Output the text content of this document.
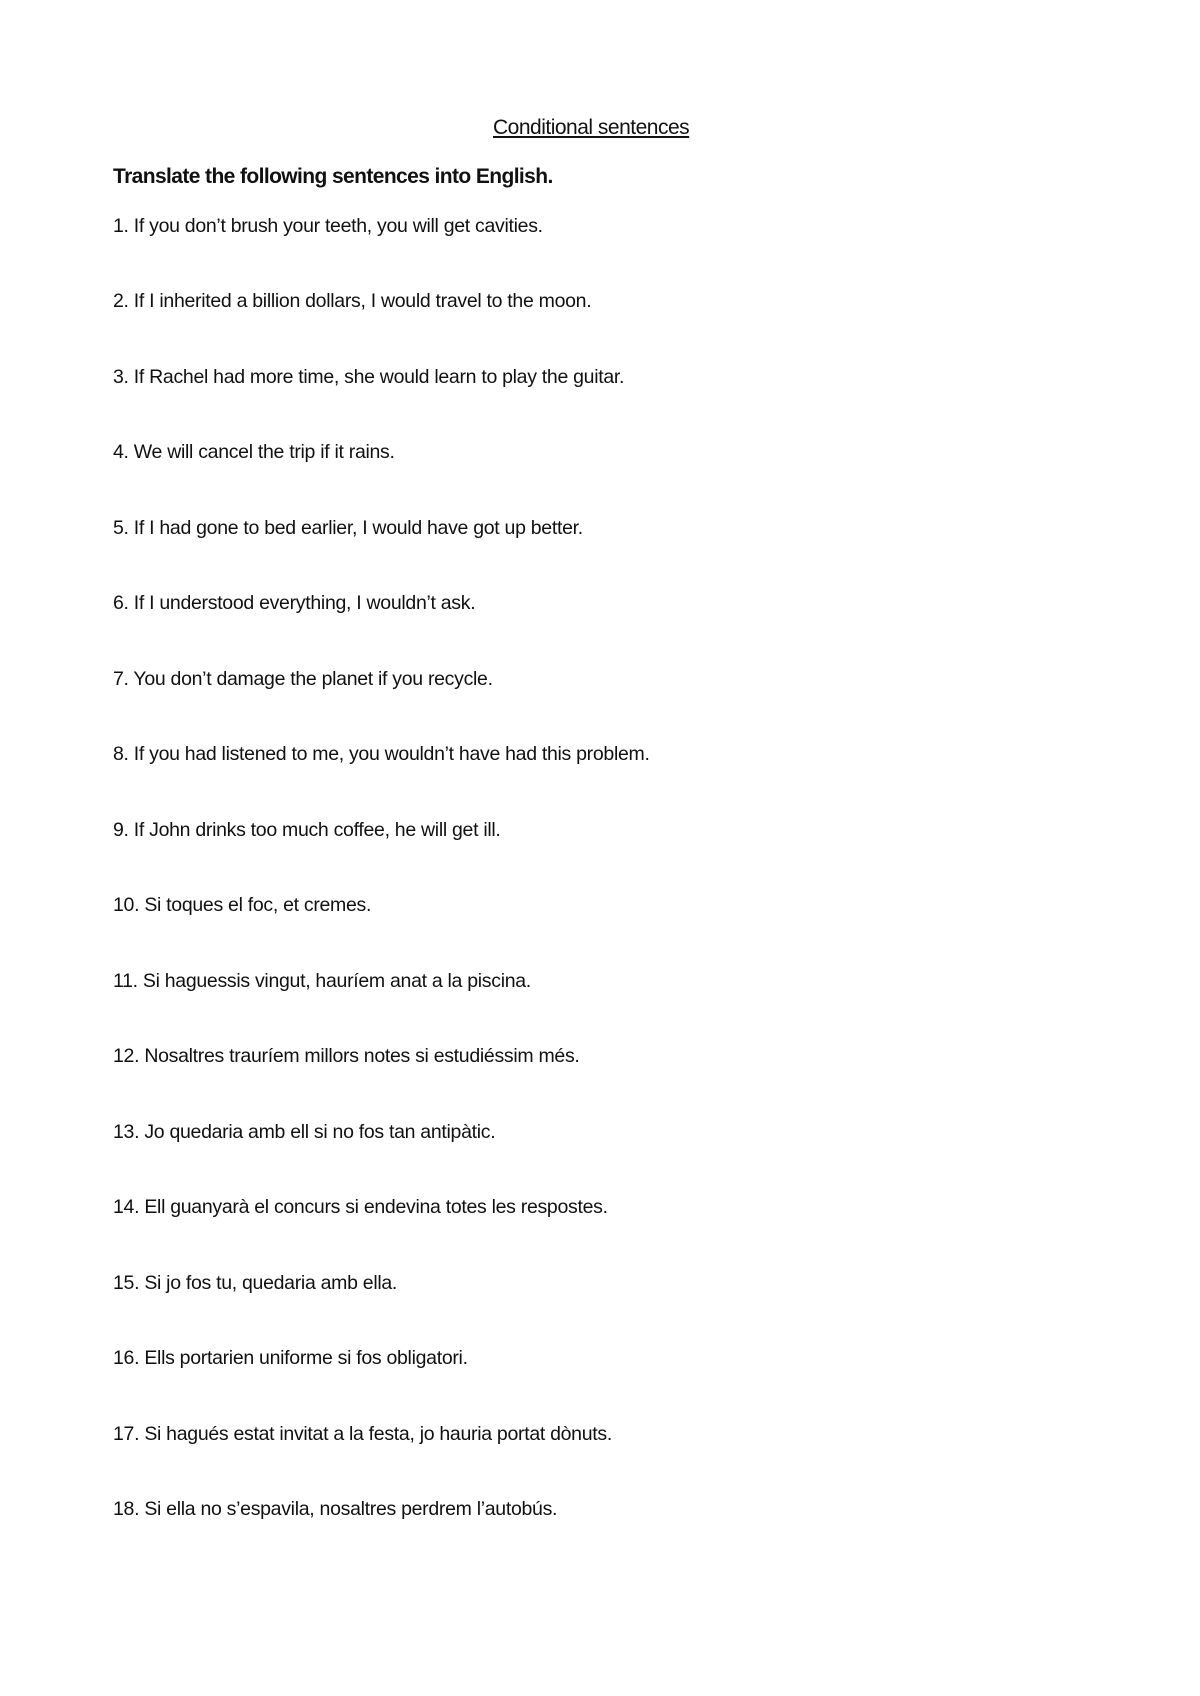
Conditional sentences
Translate the following sentences into English.
1. If you don’t brush your teeth, you will get cavities.
2. If I inherited a billion dollars, I would travel to the moon.
3. If Rachel had more time, she would learn to play the guitar.
4. We will cancel the trip if it rains.
5. If I had gone to bed earlier, I would have got up better.
6. If I understood everything, I wouldn’t ask.
7. You don’t damage the planet if you recycle.
8. If you had listened to me, you wouldn’t have had this problem.
9. If John drinks too much coffee, he will get ill.
10. Si toques el foc, et cremes.
11. Si haguessis vingut, hauríem anat a la piscina.
12. Nosaltres trauríem millors notes si estudiéssim més.
13. Jo quedaria amb ell si no fos tan antipàtic.
14. Ell guanyarà el concurs si endevina totes les respostes.
15. Si jo fos tu, quedaria amb ella.
16. Ells portarien uniforme si fos obligatori.
17. Si hagués estat invitat a la festa, jo hauria portat dònuts.
18. Si ella no s’espavila, nosaltres perdrem l’autobús.
